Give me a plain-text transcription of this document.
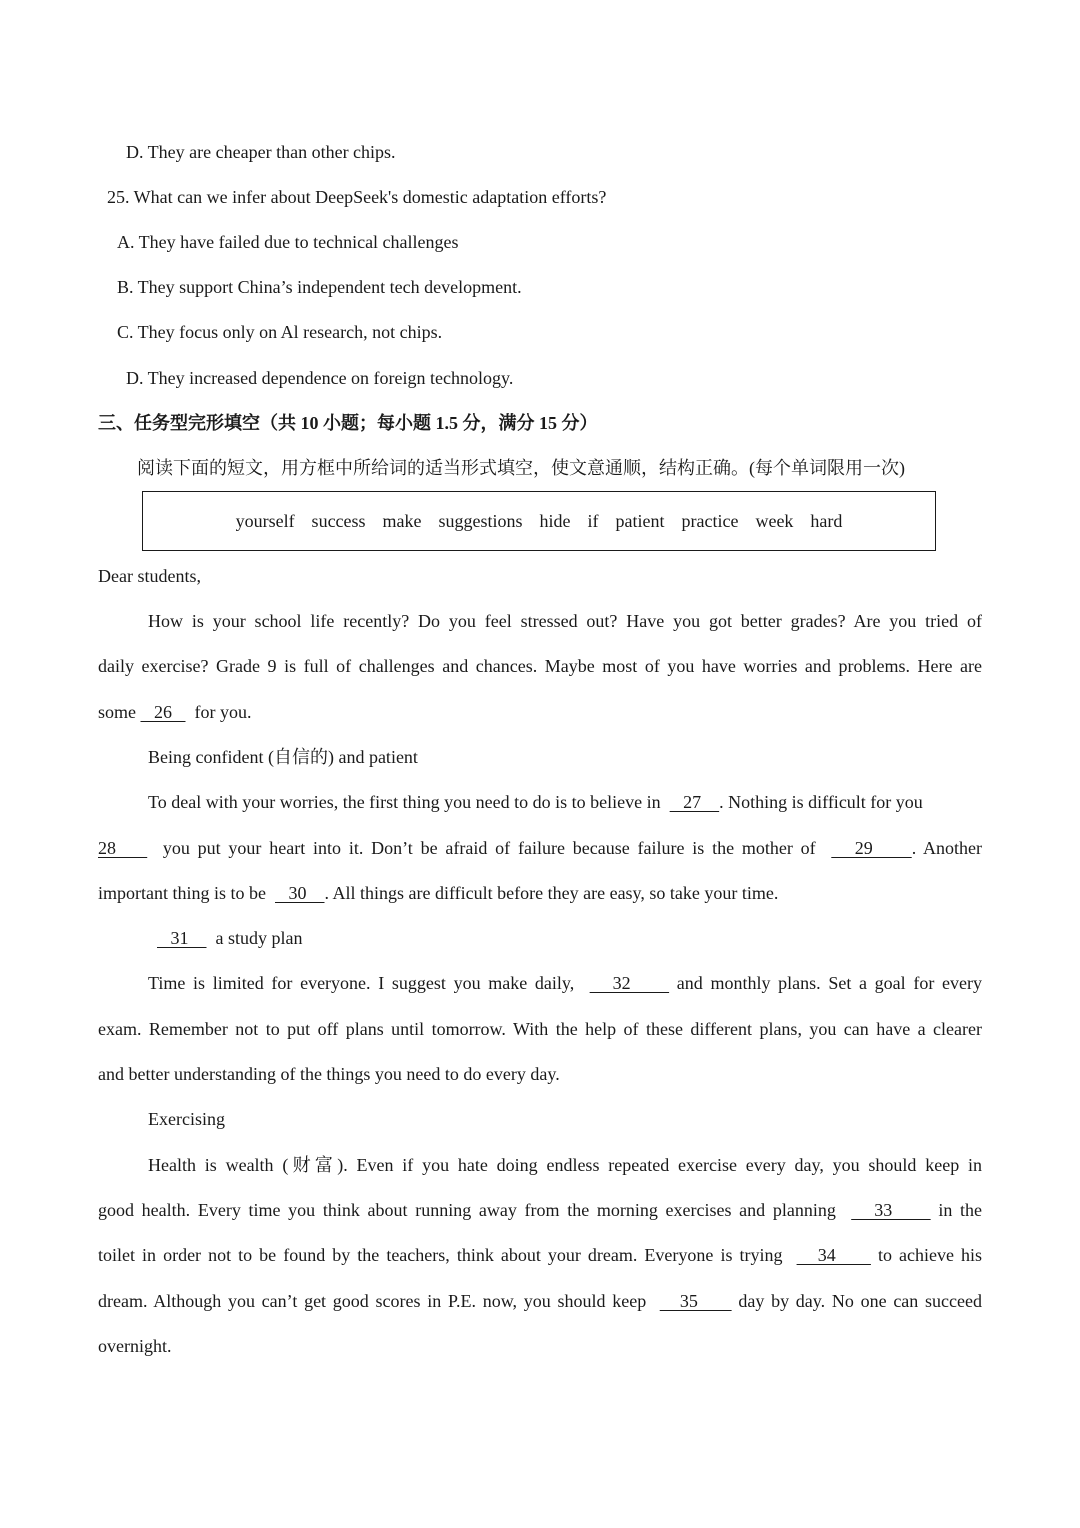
D. They are cheaper than other chips.
25. What can we infer about DeepSeek's domestic adaptation efforts?
A. They have failed due to technical challenges
B. They support China’s independent tech development.
C. They focus only on Al research, not chips.
D. They increased dependence on foreign technology.
三、任务型完形填空（共 10 小题；每小题 1.5 分，满分 15 分）
阅读下面的短文，用方框中所给词的适当形式填空，使文意通顺，结构正确。(每个单词限用一次)
yourself  success  make  suggestions  hide  if  patient  practice  week  hard
Dear students,
How is your school life recently? Do you feel stressed out? Have you got better grades? Are you tried of
daily exercise? Grade 9 is full of challenges and chances. Maybe most of you have worries and problems. Here are
some    26     for you.
Being confident (自信的) and patient
To deal with your worries, the first thing you need to do is to believe in     27    . Nothing is difficult for you
28      you put your heart into it. Don’t be afraid of failure because failure is the mother of     29     . Another
important thing is to be     30    . All things are difficult before they are easy, so take your time.
31      a study plan
Time is limited for everyone. I suggest you make daily,     32      and monthly plans. Set a goal for every
exam. Remember not to put off plans until tomorrow. With the help of these different plans, you can have a clearer
and better understanding of the things you need to do every day.
Exercising
Health is wealth (财富). Even if you hate doing endless repeated exercise every day, you should keep in
good health. Every time you think about running away from the morning exercises and planning     33      in the
toilet in order not to be found by the teachers, think about your dream. Everyone is trying     34      to achieve his
dream. Although you can’t get good scores in P.E. now, you should keep     35      day by day. No one can succeed
overnight.
